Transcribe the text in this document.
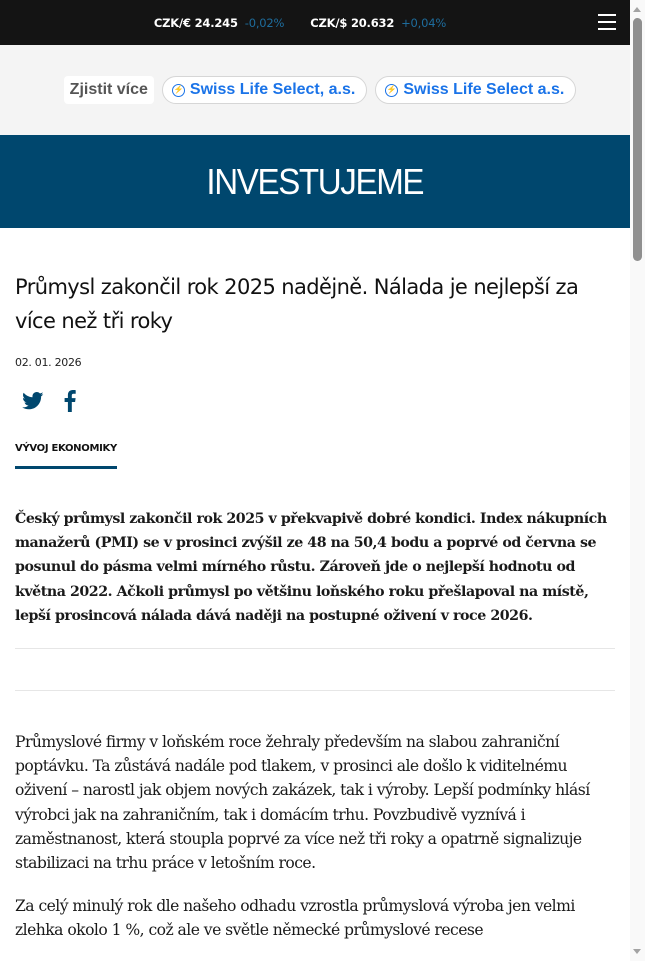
CZK/€ 24.245 -0,02% CZK/$ 20.632 +0,04%
Zjistit více	⚡ Swiss Life Select, a.s.	⚡ Swiss Life Select a.s.
INVESTUJEME
Průmysl zakončil rok 2025 nadějně. Nálada je nejlepší za více než tři roky
02. 01. 2026
VÝVOJ EKONOMIKY

Český průmysl zakončil rok 2025 v překvapivě dobré kondici. Index nákupních manažerů (PMI) se v prosinci zvýšil ze 48 na 50,4 bodu a poprvé od června se posunul do pásma velmi mírného růstu. Zároveň jde o nejlepší hodnotu od května 2022. Ačkoli průmysl po většinu loňského roku přešlapoval na místě, lepší prosincová nálada dává naději na postupné oživení v roce 2026.

Průmyslové firmy v loňském roce žehraly především na slabou zahraniční poptávku. Ta zůstává nadále pod tlakem, v prosinci ale došlo k viditelnému oživení – narostl jak objem nových zakázek, tak i výroby. Lepší podmínky hlásí výrobci jak na zahraničním, tak i domácím trhu. Povzbudivě vyznívá i zaměstnanost, která stoupla poprvé za více než tři roky a opatrně signalizuje stabilizaci na trhu práce v letošním roce.

Za celý minulý rok dle našeho odhadu vzrostla průmyslová výroba jen velmi zlehka okolo 1 %, což ale ve světle německé průmyslové recese
